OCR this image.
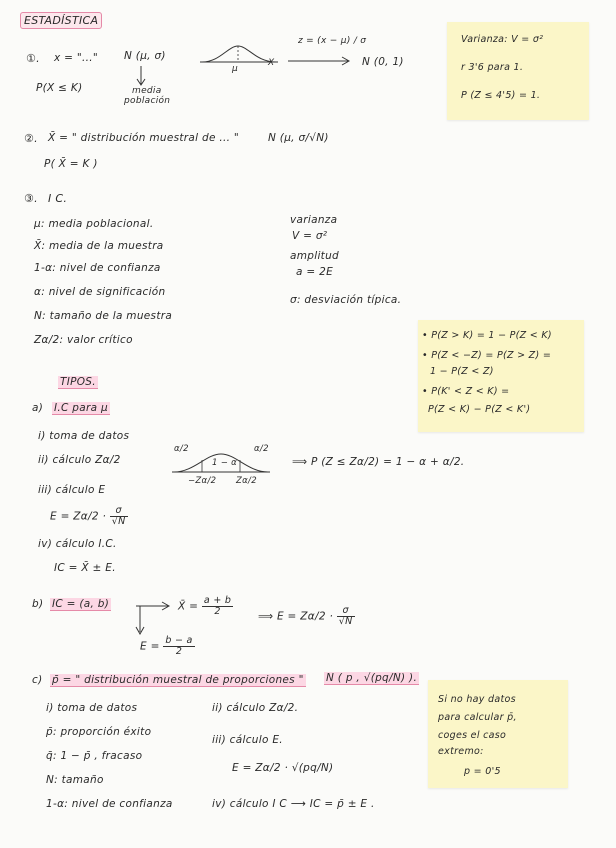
ESTADÍSTICA
①. x = "..." N (μ, σ)
media
población
P(X ≤ K)
μ
X
z = (x − μ) / σ
N (0, 1)
Varianza: V = σ²
r 3'6 para 1.
P (Z ≤ 4'5) = 1.
②. X̄ = " distribución muestral de ... "	N (μ, σ/√N)
P( X̄ = K )
③. I C.
μ: media poblacional.
X̄: media de la muestra
1-α: nivel de confianza
α: nivel de significación
N: tamaño de la muestra
Zα/2: valor crítico
varianza
V = σ²
amplitud
a = 2E
σ: desviación típica.
• P(Z > K) = 1 − P(Z < K)
• P(Z < −Z) = P(Z > Z) =
1 − P(Z < Z)
• P(K' < Z < K) =
P(Z < K) − P(Z < K')
TIPOS.
a) I.C para μ
i) toma de datos
ii) cálculo Zα/2
α/2
1 − α
α/2
−Zα/2 Zα/2
⟹ P (Z ≤ Zα/2) = 1 − α + α/2.
iii) cálculo E
$E = Z\alpha/2 \cdot \frac{\sigma}{√N}$
iv) cálculo I.C.
IC = X̄ ± E.
b) IC = (a, b)	X̄ = $\frac{a + b}{2}$ ⟹ $E = Z\alpha/2 \cdot \frac{\sigma}{√N}$
$E = \frac{b - a}{2}$
c) p̄ = " distribución muestral de proporciones " N ( p , √(pq/N) ).
i) toma de datos
p̄: proporción éxito
q̄: 1 − p̄ , fracaso
N: tamaño
1-α: nivel de confianza
ii) cálculo Zα/2.
iii) cálculo E.
E = Zα/2 · √(pq/N)
iv) cálculo I C ⟶ IC = p̄ ± E .
Si no hay datos
para calcular p̄,
coges el caso
extremo:
p = 0'5
